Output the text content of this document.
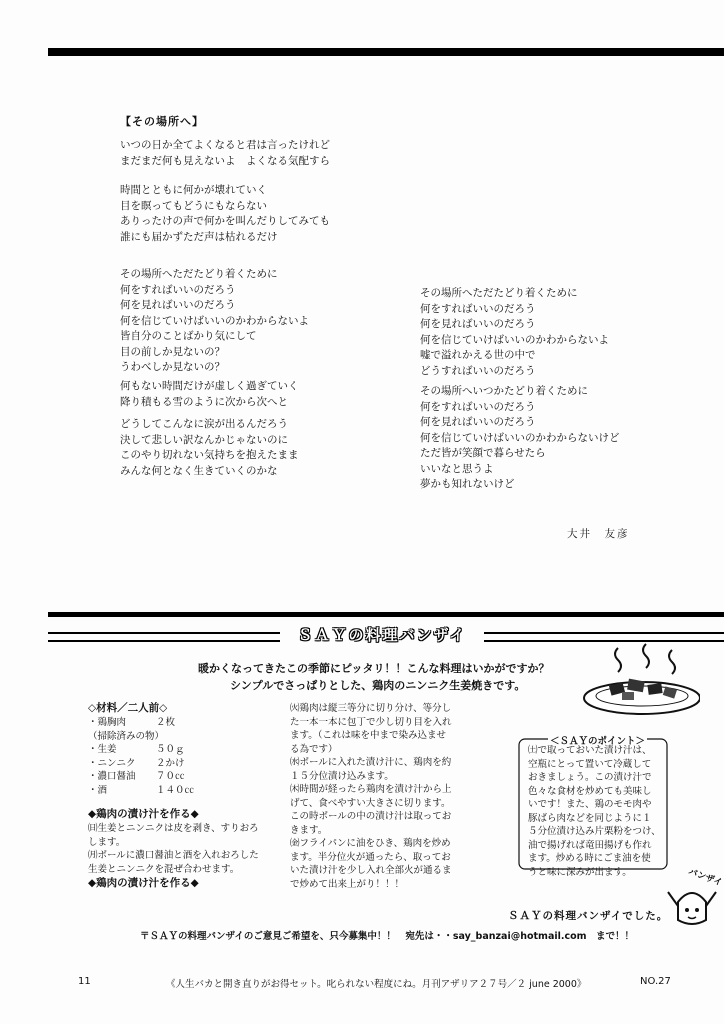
【その場所へ】
いつの日か全てよくなると君は言ったけれど
まだまだ何も見えないよ　よくなる気配すら
時間とともに何かが壊れていく
目を瞑ってもどうにもならない
ありったけの声で何かを叫んだりしてみても
誰にも届かずただ声は枯れるだけ
その場所へただたどり着くために
何をすればいいのだろう
何を見ればいいのだろう
何を信じていけばいいのかわからないよ
皆自分のことばかり気にして
目の前しか見ないの？
うわべしか見ないの？
何もない時間だけが虚しく過ぎていく
降り積もる雪のように次から次へと
どうしてこんなに涙が出るんだろう
決して悲しい訳なんかじゃないのに
このやり切れない気持ちを抱えたまま
みんな何となく生きていくのかな
その場所へただたどり着くために
何をすればいいのだろう
何を見ればいいのだろう
何を信じていけばいいのかわからないよ
嘘で溢れかえる世の中で
どうすればいいのだろう
その場所へいつかたどり着くために
何をすればいいのだろう
何を見ればいいのだろう
何を信じていけばいいのかわからないけど
ただ皆が笑顔で暮らせたら
いいなと思うよ
夢かも知れないけど
大井　友彦
ＳＡＹの料理バンザイ
暖かくなってきたこの季節にピッタリ！！こんな料理はいかがですか？
シンプルでさっぱりとした、鶏肉のニンニク生姜焼きです。
◇材料／二人前◇
・鶏胸肉	２枚
（掃除済みの物）
・生姜	５０ｇ
・ニンニク ２かけ
・濃口醤油 ７０㏄
・酒	１４０㏄
◆鶏肉の漬け汁を作る◆
㈰生姜とニンニクは皮を剥き、すりおろ
します。
㈪ボールに濃口醤油と酒を入れおろした
生姜とニンニクを混ぜ合わせます。
◆鶏肉の漬け汁を作る◆
㈫鶏肉は縦三等分に切り分け、等分し
た一本一本に包丁で少し切り目を入れ
ます。（これは味を中まで染み込ませ
る為です）
㈬ボールに入れた漬け汁に、鶏肉を約
１５分位漬け込みます。
㈭時間が経ったら鶏肉を漬け汁から上
げて、食べやすい大きさに切ります。
この時ボールの中の漬け汁は取ってお
きます。
㈮フライパンに油をひき、鶏肉を炒め
ます。半分位火が通ったら、取ってお
いた漬け汁を少し入れ全部火が通るま
で炒めて出来上がり！！！
＜ＳＡＹのポイント＞
㈯で取っておいた漬け汁は、
空瓶にとって置いて冷蔵して
おきましょう。この漬け汁で
色々な食材を炒めても美味し
いです！また、鶏のモモ肉や
豚ばら肉などを同じように１
５分位漬け込み片栗粉をつけ、
油で揚げれば竜田揚げも作れ
ます。炒める時にごま油を使
うと味に深みが出ます。	バンザイ
ＳＡＹの料理バンザイでした。
〒ＳＡＹの料理バンザイのご意見ご希望を、只今募集中！！　宛先は・・say_banzai@hotmail.com　まで！！
11	《人生バカと開き直りがお得セット。叱られない程度にね。月刊アザリア２７号／２ june 2000》	NO.27
